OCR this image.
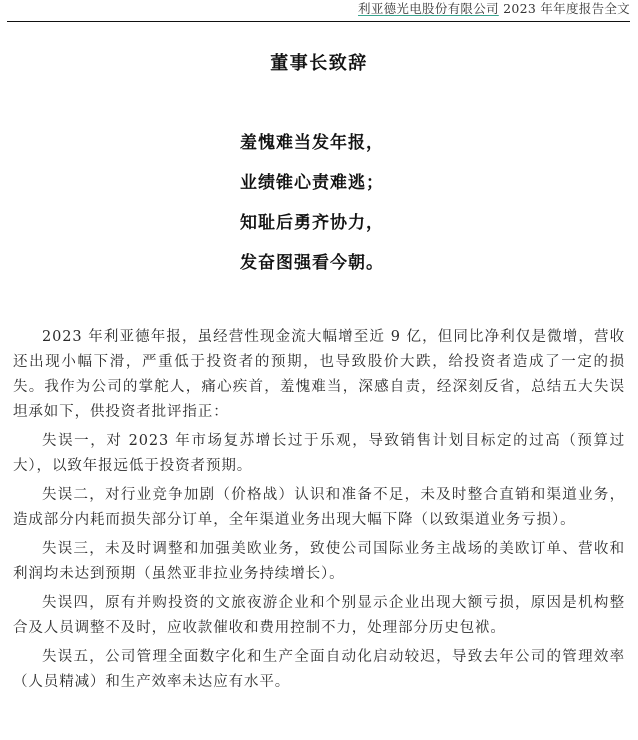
利亚德光电股份有限公司 2023 年年度报告全文
董事长致辞

羞愧难当发年报，

业绩锥心责难逃；

知耻后勇齐协力，

发奋图强看今朝。

2023 年利亚德年报，虽经营性现金流大幅增至近 9 亿，但同比净利仅是微增，营收还出现小幅下滑，严重低于投资者的预期，也导致股价大跌，给投资者造成了一定的损失。我作为公司的掌舵人，痛心疾首，羞愧难当，深感自责，经深刻反省，总结五大失误坦承如下，供投资者批评指正：

失误一，对 2023 年市场复苏增长过于乐观，导致销售计划目标定的过高（预算过大），以致年报远低于投资者预期。

失误二，对行业竞争加剧（价格战）认识和准备不足，未及时整合直销和渠道业务，造成部分内耗而损失部分订单，全年渠道业务出现大幅下降（以致渠道业务亏损）。

失误三，未及时调整和加强美欧业务，致使公司国际业务主战场的美欧订单、营收和利润均未达到预期（虽然亚非拉业务持续增长）。

失误四，原有并购投资的文旅夜游企业和个别显示企业出现大额亏损，原因是机构整合及人员调整不及时，应收款催收和费用控制不力，处理部分历史包袱。

失误五，公司管理全面数字化和生产全面自动化启动较迟，导致去年公司的管理效率（人员精减）和生产效率未达应有水平。
